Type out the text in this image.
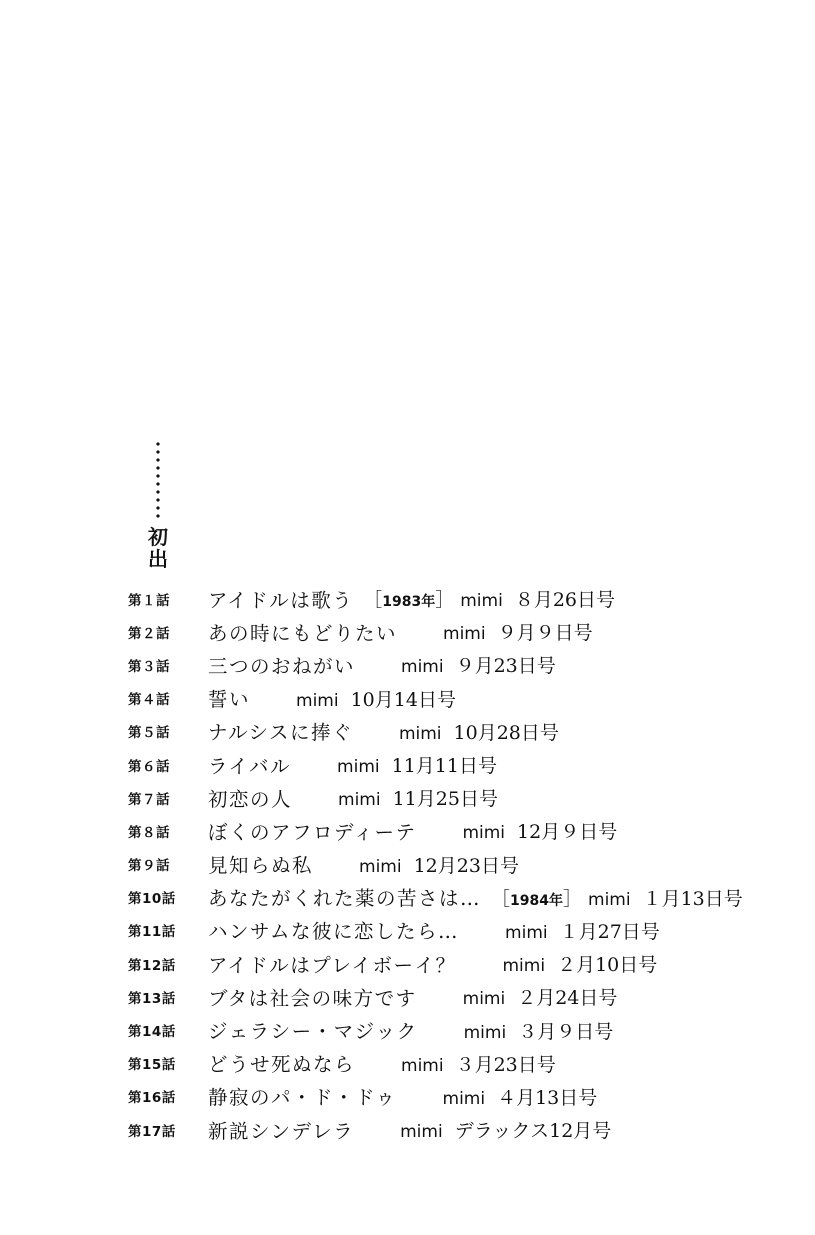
初出
第１話	アイドルは歌う ［1983年］ mimi ８月26日号
第２話	あの時にもどりたい	mimi ９月９日号
第３話	三つのおねがい	mimi ９月23日号
第４話	誓い	mimi 10月14日号
第５話	ナルシスに捧ぐ	mimi 10月28日号
第６話	ライバル	mimi 11月11日号
第７話	初恋の人	mimi 11月25日号
第８話	ぼくのアフロディーテ	mimi 12月９日号
第９話	見知らぬ私	mimi 12月23日号
第10話	あなたがくれた薬の苦さは… ［1984年］ mimi １月13日号
第11話	ハンサムな彼に恋したら…	mimi １月27日号
第12話	アイドルはプレイボーイ？	mimi ２月10日号
第13話	ブタは社会の味方です	mimi ２月24日号
第14話	ジェラシー・マジック	mimi ３月９日号
第15話	どうせ死ぬなら	mimi ３月23日号
第16話	静寂のパ・ド・ドゥ	mimi ４月13日号
第17話	新説シンデレラ	mimi デラックス12月号
